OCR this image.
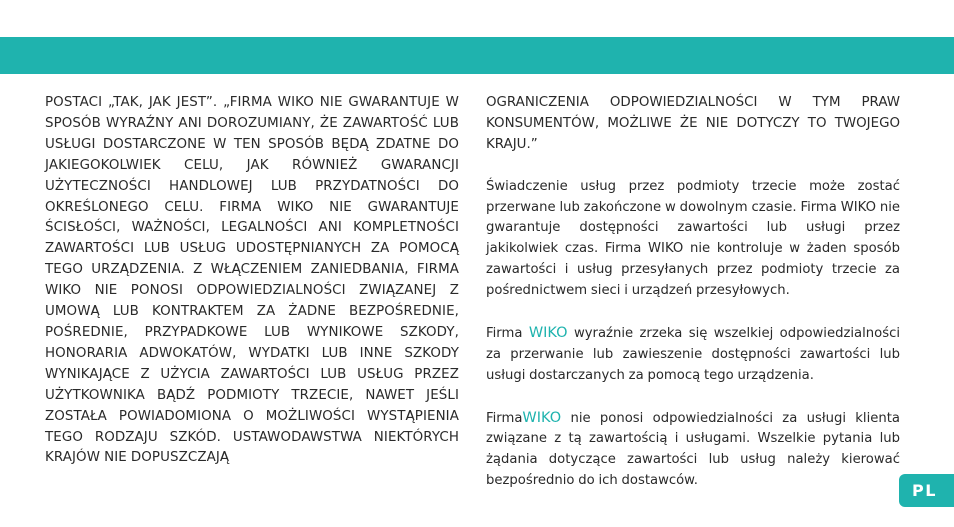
POSTACI „TAK, JAK JEST”. „FIRMA WIKO NIE GWARANTUJE W SPOSÓB WYRAŹNY ANI DOROZUMIANY, ŻE ZAWARTOŚĆ LUB USŁUGI DOSTARCZONE W TEN SPOSÓB BĘDĄ ZDATNE DO JAKIEGOKOLWIEK CELU, JAK RÓWNIEŻ GWARANCJI UŻYTECZNOŚCI HANDLOWEJ LUB PRZYDATNOŚCI DO OKREŚLONEGO CELU. FIRMA WIKO NIE GWARANTUJE ŚCISŁOŚCI, WAŻNOŚCI, LEGALNOŚCI ANI KOMPLETNOŚCI ZAWARTOŚCI LUB USŁUG UDOSTĘPNIANYCH ZA POMOCĄ TEGO URZĄDZENIA. Z WŁĄCZENIEM ZANIEDBANIA, FIRMA WIKO NIE PONOSI ODPOWIEDZIALNOŚCI ZWIĄZANEJ Z UMOWĄ LUB KONTRAKTEM ZA ŻADNE BEZPOŚREDNIE, POŚREDNIE, PRZYPADKOWE LUB WYNIKOWE SZKODY, HONORARIA ADWOKATÓW, WYDATKI LUB INNE SZKODY WYNIKAJĄCE Z UŻYCIA ZAWARTOŚCI LUB USŁUG PRZEZ UŻYTKOWNIKA BĄDŹ PODMIOTY TRZECIE, NAWET JEŚLI ZOSTAŁA POWIADOMIONA O MOŻLIWOŚCI WYSTĄPIENIA TEGO RODZAJU SZKÓD. USTAWODAWSTWA NIEKTÓRYCH KRAJÓW NIE DOPUSZCZAJĄ

OGRANICZENIA ODPOWIEDZIALNOŚCI W TYM PRAW KONSUMENTÓW, MOŻLIWE ŻE NIE DOTYCZY TO TWOJEGO KRAJU.”

Świadczenie usług przez podmioty trzecie może zostać przerwane lub zakończone w dowolnym czasie. Firma WIKO nie gwarantuje dostępności zawartości lub usługi przez jakikolwiek czas. Firma WIKO nie kontroluje w żaden sposób zawartości i usług przesyłanych przez podmioty trzecie za pośrednictwem sieci i urządzeń przesyłowych.

Firma WIKO wyraźnie zrzeka się wszelkiej odpowiedzialności za przerwanie lub zawieszenie dostępności zawartości lub usługi dostarczanych za pomocą tego urządzenia.

FirmaWIKO nie ponosi odpowiedzialności za usługi klienta związane z tą zawartością i usługami. Wszelkie pytania lub żądania dotyczące zawartości lub usług należy kierować bezpośrednio do ich dostawców.

PL
